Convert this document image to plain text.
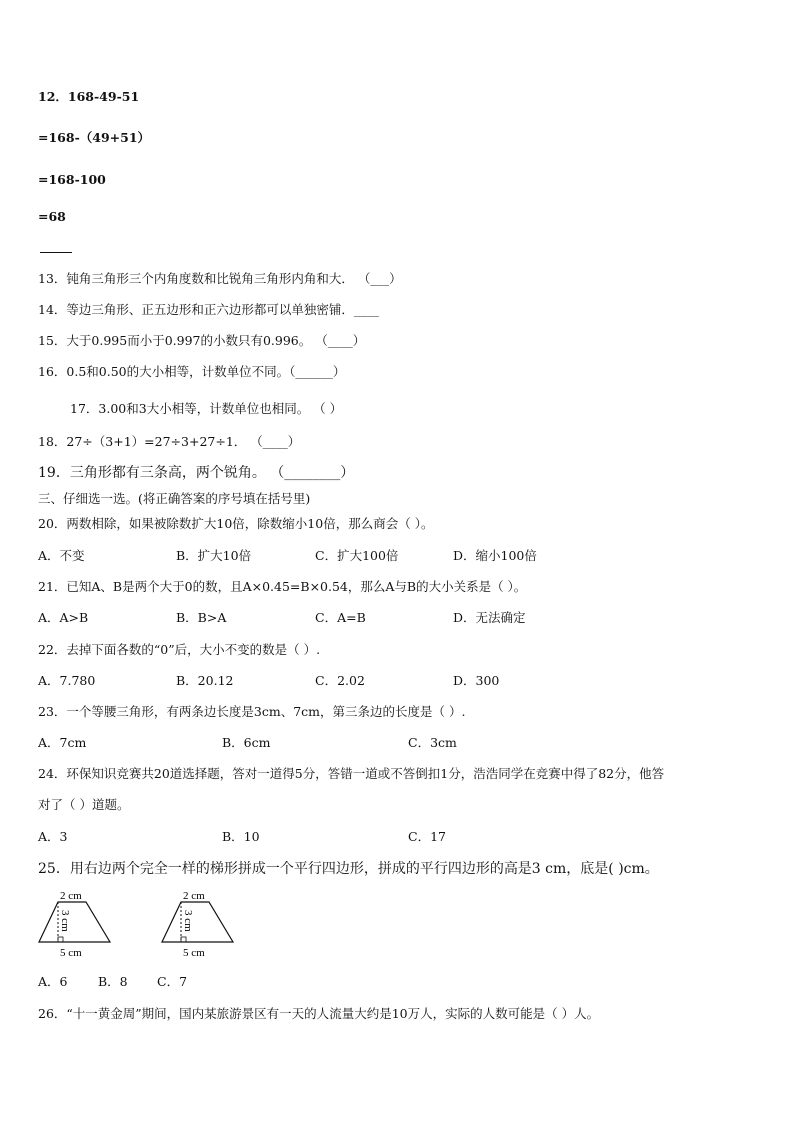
12．168-49-51
=168-（49+51）
=168-100
=68
13．钝角三角形三个内角度数和比锐角三角形内角和大． （___）
14．等边三角形、正五边形和正六边形都可以单独密铺．____
15．大于0.995而小于0.997的小数只有0.996。 （____）
16．0.5和0.50的大小相等，计数单位不同。（______）
17．3.00和3大小相等，计数单位也相同。 （ ）
18．27÷（3+1）=27÷3+27÷1． （____）
19．三角形都有三条高，两个锐角。 （________）
三、仔细选一选。(将正确答案的序号填在括号里)
20．两数相除，如果被除数扩大10倍，除数缩小10倍，那么商会（ ）。
A．不变	B．扩大10倍	C．扩大100倍	D．缩小100倍
21．已知A、B是两个大于0的数，且A×0.45=B×0.54，那么A与B的大小关系是（ ）。
A．A>B	B．B>A	C．A=B	D．无法确定
22．去掉下面各数的“0”后，大小不变的数是（ ）.
A．7.780	B．20.12	C．2.02	D．300
23．一个等腰三角形，有两条边长度是3cm、7cm，第三条边的长度是（ ）.
A．7cm	B．6cm	C．3cm
24．环保知识竞赛共20道选择题，答对一道得5分，答错一道或不答倒扣1分，浩浩同学在竞赛中得了82分，他答
对了（ ）道题。
A．3	B．10	C．17
25．用右边两个完全一样的梯形拼成一个平行四边形，拼成的平行四边形的高是3 cm，底是( )cm。
2 cm
3 cm
5 cm
2 cm
3 cm
5 cm
A．6 B．8 C．7
26．“十一黄金周”期间，国内某旅游景区有一天的人流量大约是10万人，实际的人数可能是（ ）人。
